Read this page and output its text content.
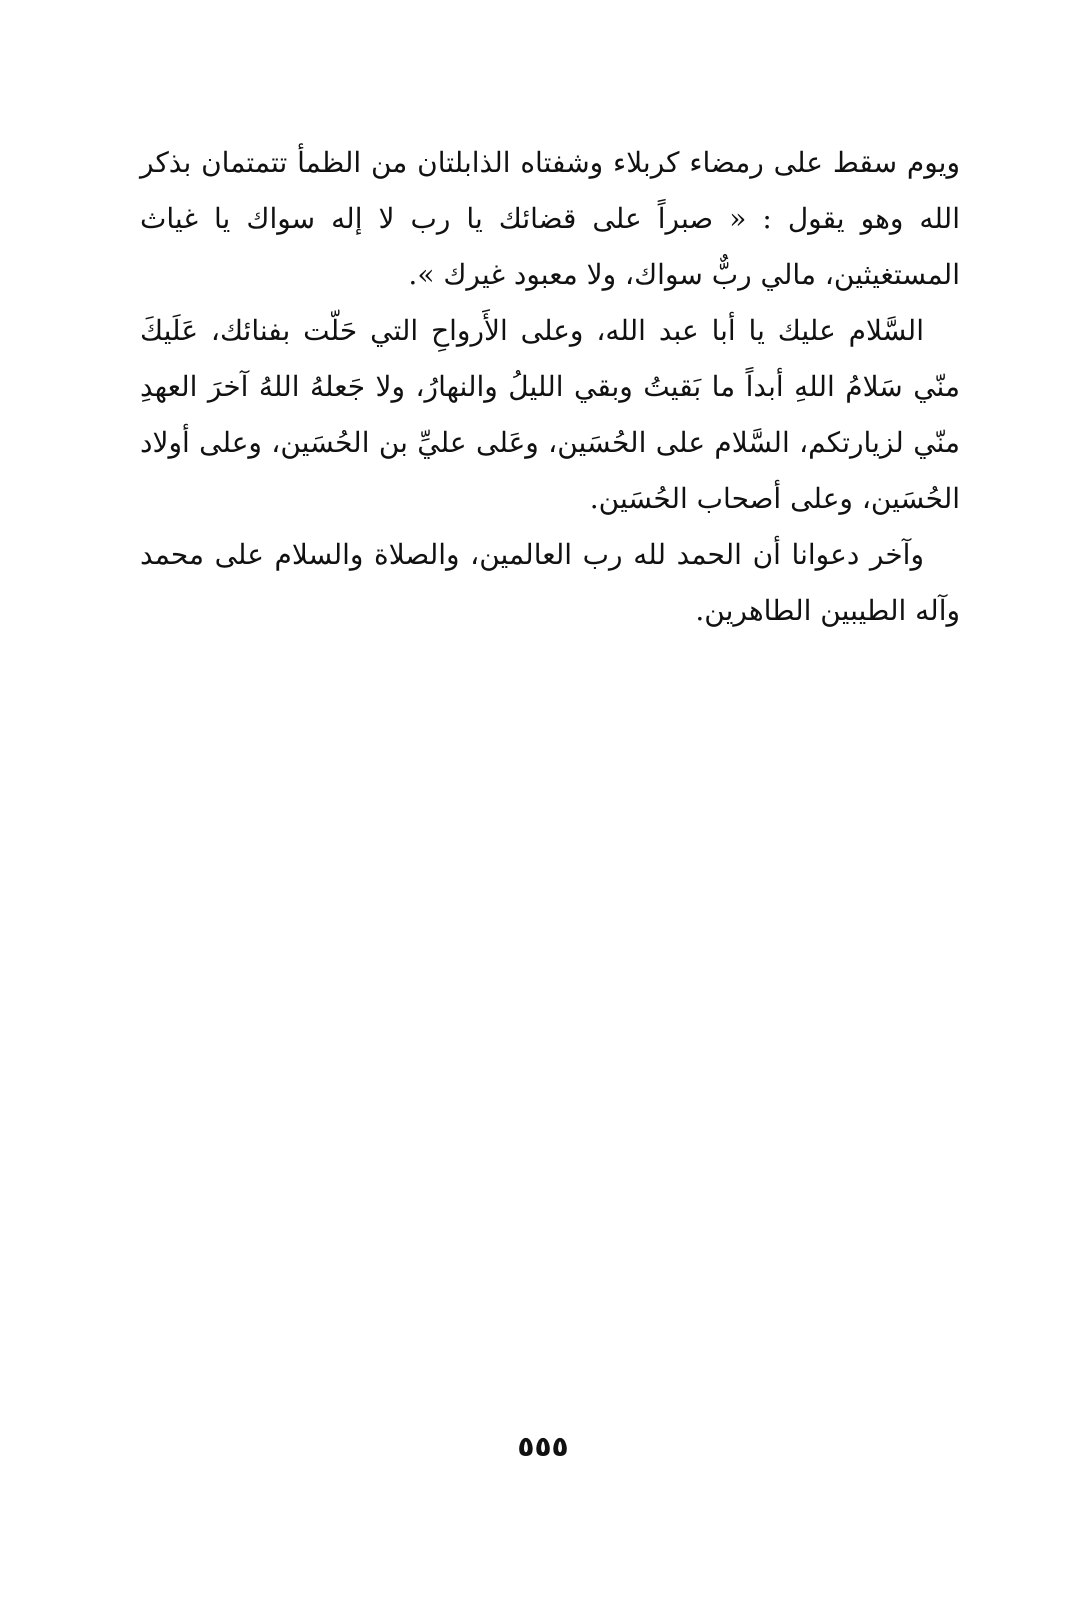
ويوم سقط على رمضاء كربلاء وشفتاه الذابلتان من الظمأ تتمتمان بذكر الله وهو يقول : « صبراً على قضائك يا رب لا إله سواك يا غياث المستغيثين، مالي ربٌّ سواك، ولا معبود غيرك ».

السَّلام عليك يا أبا عبد الله، وعلى الأَرواحِ التي حَلّت بفنائك، عَلَيكَ منّي سَلامُ اللهِ أبداً ما بَقيتُ وبقي الليلُ والنهارُ، ولا جَعلهُ اللهُ آخرَ العهدِ منّي لزيارتكم، السَّلام على الحُسَين، وعَلى عليِّ بن الحُسَين، وعلى أولاد الحُسَين، وعلى أصحاب الحُسَين.

وآخر دعوانا أن الحمد لله رب العالمين، والصلاة والسلام على محمد وآله الطيبين الطاهرين.

٥٥٥
